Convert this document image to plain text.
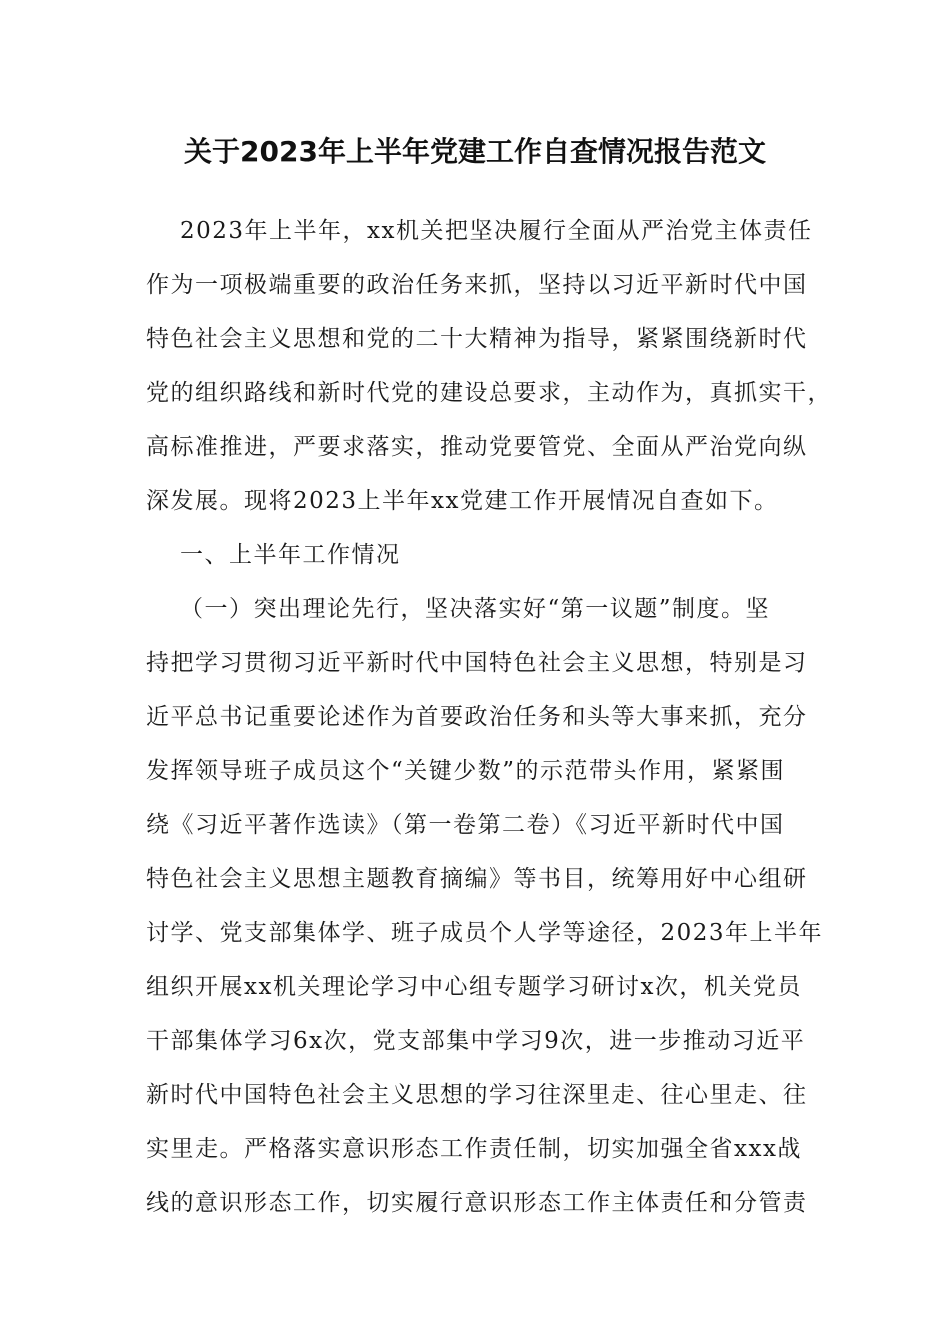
关于2023年上半年党建工作自查情况报告范文
2023年上半年，xx机关把坚决履行全面从严治党主体责任
作为一项极端重要的政治任务来抓，坚持以习近平新时代中国
特色社会主义思想和党的二十大精神为指导，紧紧围绕新时代
党的组织路线和新时代党的建设总要求，主动作为，真抓实干，
高标准推进，严要求落实，推动党要管党、全面从严治党向纵
深发展。现将2023上半年xx党建工作开展情况自查如下。
一、上半年工作情况
（一）突出理论先行，坚决落实好“第一议题”制度。坚
持把学习贯彻习近平新时代中国特色社会主义思想，特别是习
近平总书记重要论述作为首要政治任务和头等大事来抓，充分
发挥领导班子成员这个“关键少数”的示范带头作用，紧紧围
绕《习近平著作选读》（第一卷第二卷）《习近平新时代中国
特色社会主义思想主题教育摘编》等书目，统筹用好中心组研
讨学、党支部集体学、班子成员个人学等途径，2023年上半年
组织开展xx机关理论学习中心组专题学习研讨x次，机关党员
干部集体学习6x次，党支部集中学习9次，进一步推动习近平
新时代中国特色社会主义思想的学习往深里走、往心里走、往
实里走。严格落实意识形态工作责任制，切实加强全省xxx战
线的意识形态工作，切实履行意识形态工作主体责任和分管责
